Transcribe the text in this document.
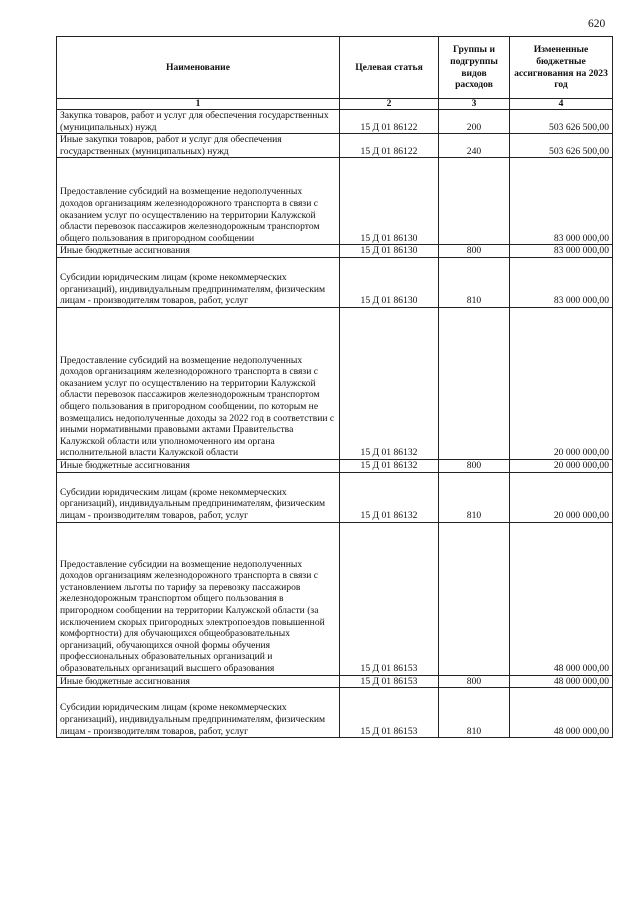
620
Наименование	Целевая статья	Группы и подгруппы видов расходов	Измененные бюджетные ассигнования на 2023 год
1	2	3	4
Закупка товаров, работ и услуг для обеспечения государственных (муниципальных) нужд	15 Д 01 86122	200	503 626 500,00
Иные закупки товаров, работ и услуг для обеспечения государственных (муниципальных) нужд	15 Д 01 86122	240	503 626 500,00
Предоставление субсидий на возмещение недополученных доходов организациям железнодорожного транспорта в связи с оказанием услуг по осуществлению на территории Калужской области перевозок пассажиров железнодорожным транспортом общего пользования в пригородном сообщении	15 Д 01 86130		83 000 000,00
Иные бюджетные ассигнования	15 Д 01 86130	800	83 000 000,00
Субсидии юридическим лицам (кроме некоммерческих организаций), индивидуальным предпринимателям, физическим лицам - производителям товаров, работ, услуг	15 Д 01 86130	810	83 000 000,00
Предоставление субсидий на возмещение недополученных доходов организациям железнодорожного транспорта в связи с оказанием услуг по осуществлению на территории Калужской области перевозок пассажиров железнодорожным транспортом общего пользования в пригородном сообщении, по которым не возмещались недополученные доходы за 2022 год в соответствии с иными нормативными правовыми актами Правительства Калужской области или уполномоченного им органа исполнительной власти Калужской области	15 Д 01 86132		20 000 000,00
Иные бюджетные ассигнования	15 Д 01 86132	800	20 000 000,00
Субсидии юридическим лицам (кроме некоммерческих организаций), индивидуальным предпринимателям, физическим лицам - производителям товаров, работ, услуг	15 Д 01 86132	810	20 000 000,00
Предоставление субсидии на возмещение недополученных доходов организациям железнодорожного транспорта в связи с установлением льготы по тарифу за перевозку пассажиров железнодорожным транспортом общего пользования в пригородном сообщении на территории Калужской области (за исключением скорых пригородных электропоездов повышенной комфортности) для обучающихся общеобразовательных организаций, обучающихся очной формы обучения профессиональных образовательных организаций и образовательных организаций высшего образования	15 Д 01 86153		48 000 000,00
Иные бюджетные ассигнования	15 Д 01 86153	800	48 000 000,00
Субсидии юридическим лицам (кроме некоммерческих организаций), индивидуальным предпринимателям, физическим лицам - производителям товаров, работ, услуг	15 Д 01 86153	810	48 000 000,00
